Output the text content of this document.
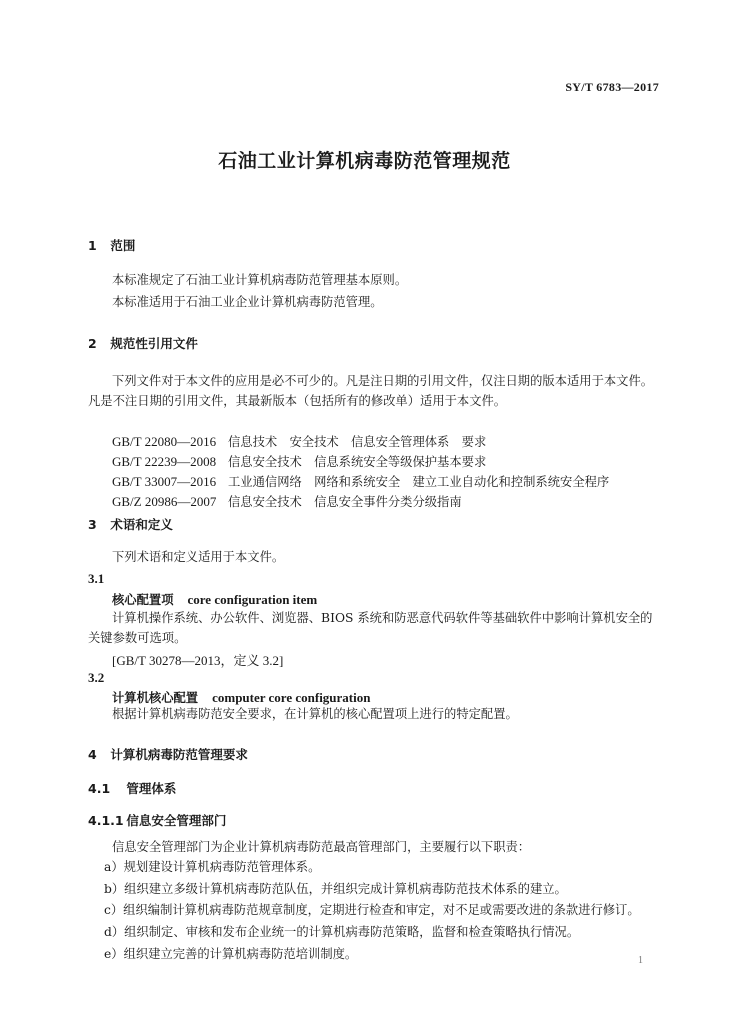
SY/T 6783—2017
石油工业计算机病毒防范管理规范
1 范围
本标准规定了石油工业计算机病毒防范管理基本原则。
本标准适用于石油工业企业计算机病毒防范管理。
2 规范性引用文件
下列文件对于本文件的应用是必不可少的。凡是注日期的引用文件，仅注日期的版本适用于本文件。凡是不注日期的引用文件，其最新版本（包括所有的修改单）适用于本文件。
GB/T 22080—2016 信息技术　安全技术　信息安全管理体系　要求
GB/T 22239—2008 信息安全技术　信息系统安全等级保护基本要求
GB/T 33007—2016 工业通信网络　网络和系统安全　建立工业自动化和控制系统安全程序
GB/Z 20986—2007 信息安全技术　信息安全事件分类分级指南
3 术语和定义
下列术语和定义适用于本文件。
3.1
核心配置项 core configuration item
计算机操作系统、办公软件、浏览器、BIOS 系统和防恶意代码软件等基础软件中影响计算机安全的关键参数可选项。
[GB/T 30278—2013，定义 3.2]
3.2
计算机核心配置 computer core configuration
根据计算机病毒防范安全要求，在计算机的核心配置项上进行的特定配置。
4 计算机病毒防范管理要求
4.1 管理体系
4.1.1 信息安全管理部门
信息安全管理部门为企业计算机病毒防范最高管理部门，主要履行以下职责：
a）规划建设计算机病毒防范管理体系。
b）组织建立多级计算机病毒防范队伍，并组织完成计算机病毒防范技术体系的建立。
c）组织编制计算机病毒防范规章制度，定期进行检查和审定，对不足或需要改进的条款进行修订。
d）组织制定、审核和发布企业统一的计算机病毒防范策略，监督和检查策略执行情况。
e）组织建立完善的计算机病毒防范培训制度。	1
